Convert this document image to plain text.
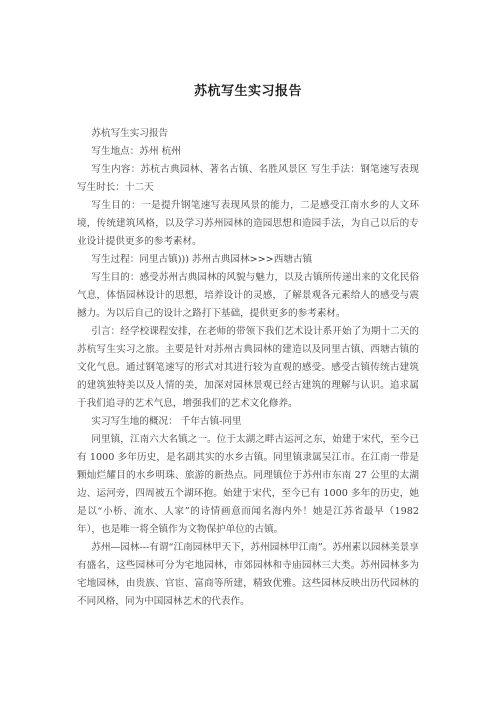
苏杭写生实习报告

苏杭写生实习报告

写生地点：苏州 杭州

写生内容：苏杭古典园林、著名古镇、名胜风景区 写生手法：钢笔速写表现 写生时长：十二天

写生目的：一是提升钢笔速写表现风景的能力，二是感受江南水乡的人文环境，传统建筑风格，以及学习苏州园林的造园思想和造园手法，为自己以后的专业设计提供更多的参考素材。

写生过程：同里古镇))) 苏州古典园林>>>西塘古镇

写生目的：感受苏州古典园林的风貌与魅力，以及古镇所传递出来的文化民俗气息，体悟园林设计的思想，培养设计的灵感，了解景观各元素给人的感受与震撼力。为以后自己的设计之路打下基础，提供更多的参考素材。

引言：经学校课程安排，在老师的带领下我们艺术设计系开始了为期十二天的苏杭写生实习之旅。主要是针对苏州古典园林的建造以及同里古镇、西塘古镇的文化气息。通过钢笔速写的形式对其进行较为直观的感受。感受古镇传统古建筑的建筑独特美以及人情的美，加深对园林景观已经古建筑的理解与认识。追求属于我们追寻的艺术气息，增强我们的艺术文化修养。

实习写生地的概况： 千年古镇-同里

同里镇，江南六大名镇之一。位于太湖之畔古运河之东，始建于宋代，至今已有 1000 多年历史，是名副其实的水乡古镇。同里镇隶属吴江市。在江南一带是颗灿烂耀目的水乡明珠、旅游的新热点。同理镇位于苏州市东南 27 公里的太湖边、运河旁，四周被五个湖环抱。始建于宋代，至今已有 1000 多年的历史，她是以“小桥、流水、人家”的诗情画意而闻名海内外！她是江苏省最早（1982 年），也是唯一将全镇作为文物保护单位的古镇。

苏州—园林---有谓“江南园林甲天下，苏州园林甲江南”。苏州素以园林美景享有盛名，这些园林可分为宅地园林，市郊园林和寺庙园林三大类。苏州园林多为宅地园林，由贵族、官宦、富商等所建，精致优雅。这些园林反映出历代园林的不同风格，同为中国园林艺术的代表作。
